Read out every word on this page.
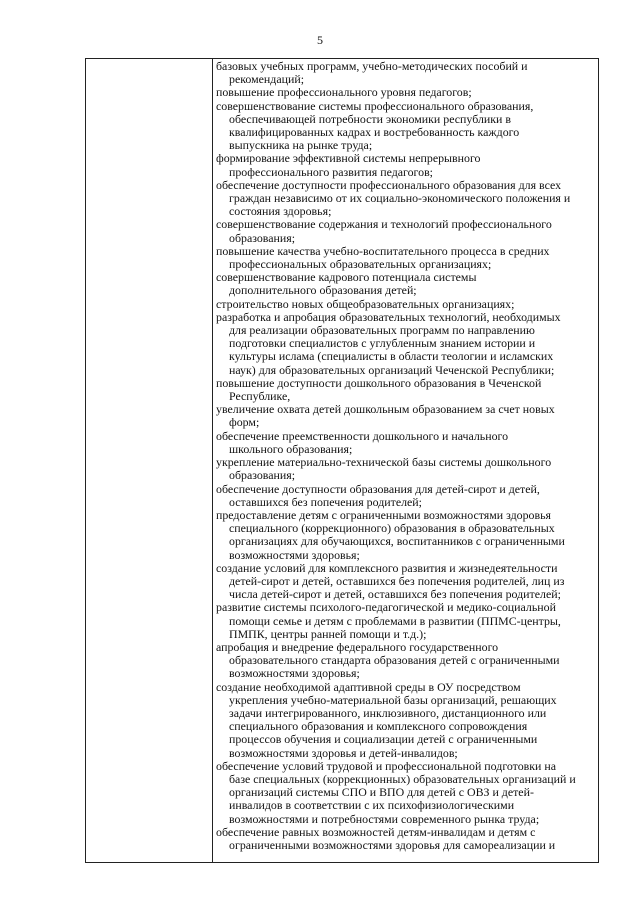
5
базовых учебных программ, учебно-методических пособий и
рекомендаций;
повышение профессионального уровня педагогов;
совершенствование системы профессионального образования,
обеспечивающей потребности экономики республики в
квалифицированных кадрах и востребованность каждого
выпускника на рынке труда;
формирование эффективной системы непрерывного
профессионального развития педагогов;
обеспечение доступности профессионального образования для всех
граждан независимо от их социально-экономического положения и
состояния здоровья;
совершенствование содержания и технологий профессионального
образования;
повышение качества учебно-воспитательного процесса в средних
профессиональных образовательных организациях;
совершенствование кадрового потенциала системы
дополнительного образования детей;
строительство новых общеобразовательных организациях;
разработка и апробация образовательных технологий, необходимых
для реализации образовательных программ по направлению
подготовки специалистов с углубленным знанием истории и
культуры ислама (специалисты в области теологии и исламских
наук) для образовательных организаций Чеченской Республики;
повышение доступности дошкольного образования в Чеченской
Республике,
увеличение охвата детей дошкольным образованием за счет новых
форм;
обеспечение преемственности дошкольного и начального
школьного образования;
укрепление материально-технической базы системы дошкольного
образования;
обеспечение доступности образования для детей-сирот и детей,
оставшихся без попечения родителей;
предоставление детям с ограниченными возможностями здоровья
специального (коррекционного) образования в образовательных
организациях для обучающихся, воспитанников с ограниченными
возможностями здоровья;
создание условий для комплексного развития и жизнедеятельности
детей-сирот и детей, оставшихся без попечения родителей, лиц из
числа детей-сирот и детей, оставшихся без попечения родителей;
развитие системы психолого-педагогической и медико-социальной
помощи семье и детям с проблемами в развитии (ППМС-центры,
ПМПК, центры ранней помощи и т.д.);
апробация и внедрение федерального государственного
образовательного стандарта образования детей с ограниченными
возможностями здоровья;
создание необходимой адаптивной среды в ОУ посредством
укрепления учебно-материальной базы организаций, решающих
задачи интегрированного, инклюзивного, дистанционного или
специального образования и комплексного сопровождения
процессов обучения и социализации детей с ограниченными
возможностями здоровья и детей-инвалидов;
обеспечение условий трудовой и профессиональной подготовки на
базе специальных (коррекционных) образовательных организаций и
организаций системы СПО и ВПО для детей с ОВЗ и детей-
инвалидов в соответствии с их психофизиологическими
возможностями и потребностями современного рынка труда;
обеспечение равных возможностей детям-инвалидам и детям с
ограниченными возможностями здоровья для самореализации и
